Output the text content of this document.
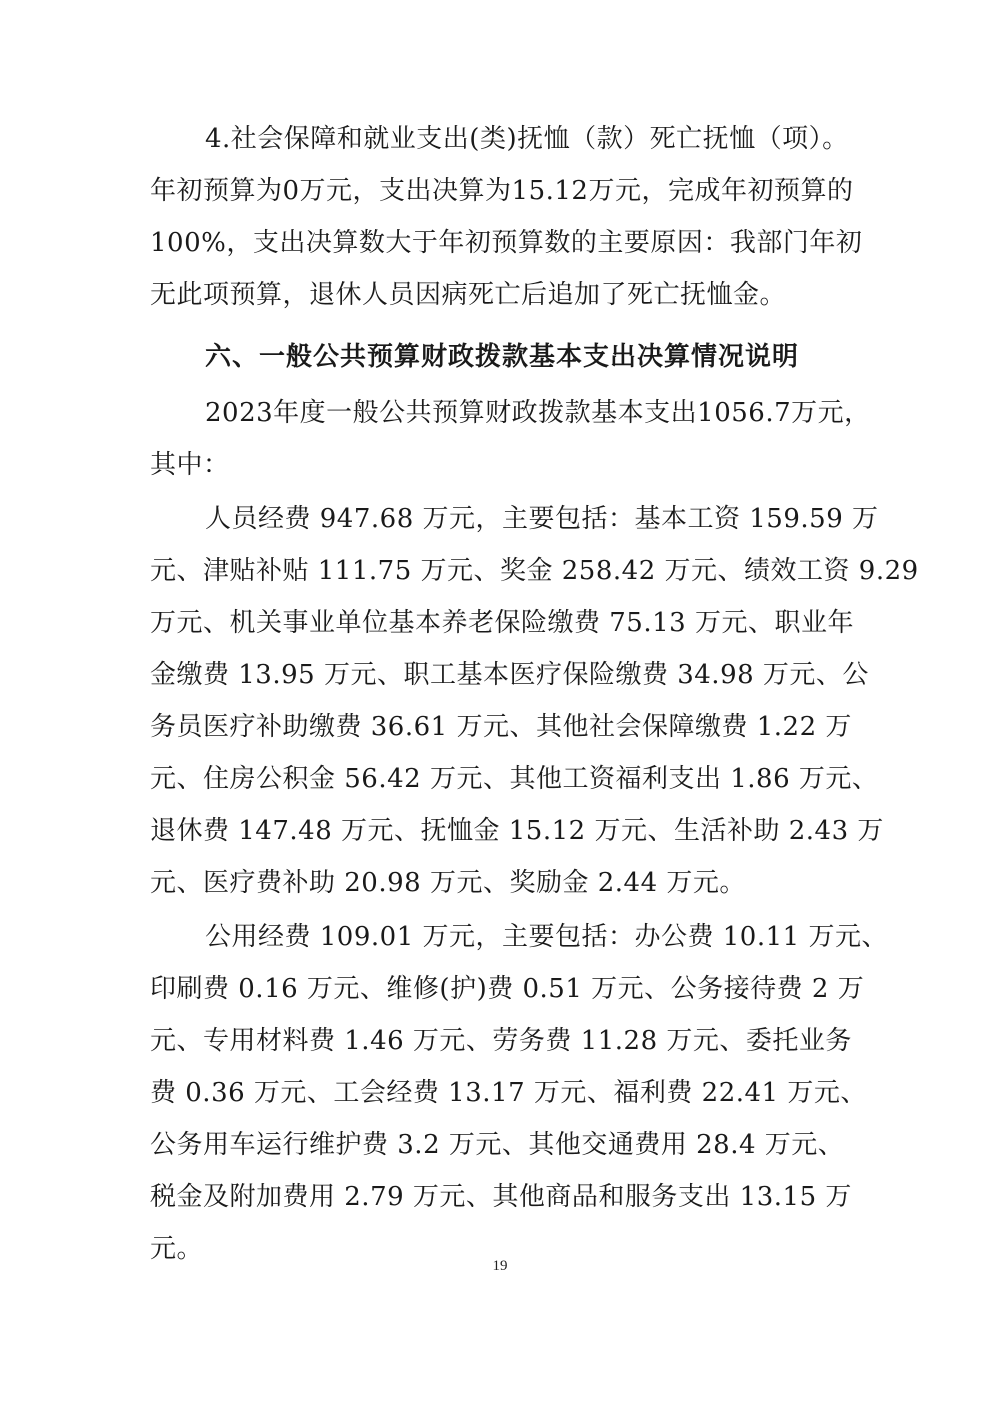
4.社会保障和就业支出(类)抚恤（款）死亡抚恤（项）。
年初预算为0万元，支出决算为15.12万元，完成年初预算的
100%，支出决算数大于年初预算数的主要原因：我部门年初
无此项预算，退休人员因病死亡后追加了死亡抚恤金。
六、一般公共预算财政拨款基本支出决算情况说明
2023年度一般公共预算财政拨款基本支出1056.7万元，
其中：
人员经费 947.68 万元，主要包括：基本工资 159.59 万
元、津贴补贴 111.75 万元、奖金 258.42 万元、绩效工资 9.29
万元、机关事业单位基本养老保险缴费 75.13 万元、职业年
金缴费 13.95 万元、职工基本医疗保险缴费 34.98 万元、公
务员医疗补助缴费 36.61 万元、其他社会保障缴费 1.22 万
元、住房公积金 56.42 万元、其他工资福利支出 1.86 万元、
退休费 147.48 万元、抚恤金 15.12 万元、生活补助 2.43 万
元、医疗费补助 20.98 万元、奖励金 2.44 万元。
公用经费 109.01 万元，主要包括：办公费 10.11 万元、
印刷费 0.16 万元、维修(护)费 0.51 万元、公务接待费 2 万
元、专用材料费 1.46 万元、劳务费 11.28 万元、委托业务
费 0.36 万元、工会经费 13.17 万元、福利费 22.41 万元、
公务用车运行维护费 3.2 万元、其他交通费用 28.4 万元、
税金及附加费用 2.79 万元、其他商品和服务支出 13.15 万
元。
19
